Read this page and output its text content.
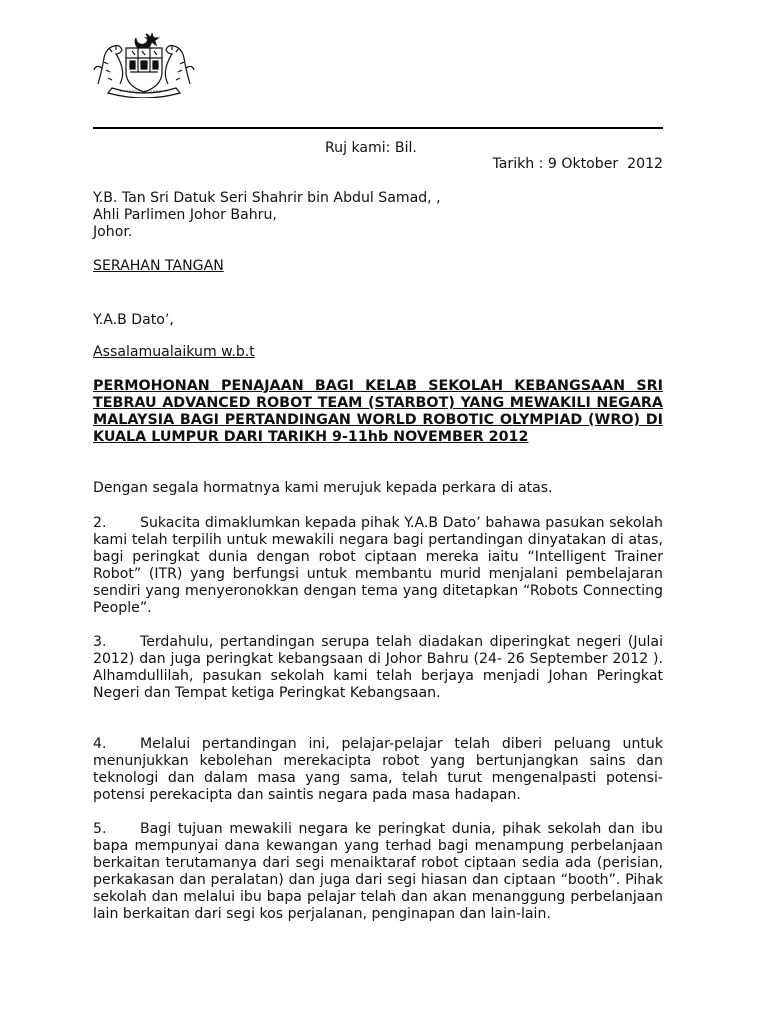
Ruj kami: Bil.
Tarikh : 9 Oktober  2012
Y.B. Tan Sri Datuk Seri Shahrir bin Abdul Samad, ,
Ahli Parlimen Johor Bahru,
Johor.
SERAHAN TANGAN
Y.A.B Dato’,
Assalamualaikum w.b.t
PERMOHONAN PENAJAAN BAGI KELAB SEKOLAH KEBANGSAAN SRI TEBRAU ADVANCED ROBOT TEAM (STARBOT) YANG MEWAKILI NEGARA MALAYSIA BAGI PERTANDINGAN WORLD ROBOTIC OLYMPIAD (WRO) DI KUALA LUMPUR DARI TARIKH 9-11hb NOVEMBER 2012
Dengan segala hormatnya kami merujuk kepada perkara di atas.
2. Sukacita dimaklumkan kepada pihak Y.A.B Dato’ bahawa pasukan sekolah kami telah terpilih untuk mewakili negara bagi pertandingan dinyatakan di atas, bagi peringkat dunia dengan robot ciptaan mereka iaitu “Intelligent Trainer Robot” (ITR) yang berfungsi untuk membantu murid menjalani pembelajaran sendiri yang menyeronokkan dengan tema yang ditetapkan “Robots Connecting People”.
3. Terdahulu, pertandingan serupa telah diadakan diperingkat negeri (Julai 2012) dan juga peringkat kebangsaan di Johor Bahru (24- 26 September 2012 ). Alhamdullilah, pasukan sekolah kami telah berjaya menjadi Johan Peringkat Negeri dan Tempat ketiga Peringkat Kebangsaan.
4. Melalui pertandingan ini, pelajar-pelajar telah diberi peluang untuk menunjukkan kebolehan merekacipta robot yang bertunjangkan sains dan teknologi dan dalam masa yang sama, telah turut mengenalpasti potensi-potensi perekacipta dan saintis negara pada masa hadapan.
5. Bagi tujuan mewakili negara ke peringkat dunia, pihak sekolah dan ibu bapa mempunyai dana kewangan yang terhad bagi menampung perbelanjaan berkaitan terutamanya dari segi menaiktaraf robot ciptaan sedia ada (perisian, perkakasan dan peralatan) dan juga dari segi hiasan dan ciptaan “booth”. Pihak sekolah dan melalui ibu bapa pelajar telah dan akan menanggung perbelanjaan lain berkaitan dari segi kos perjalanan, penginapan dan lain-lain.
